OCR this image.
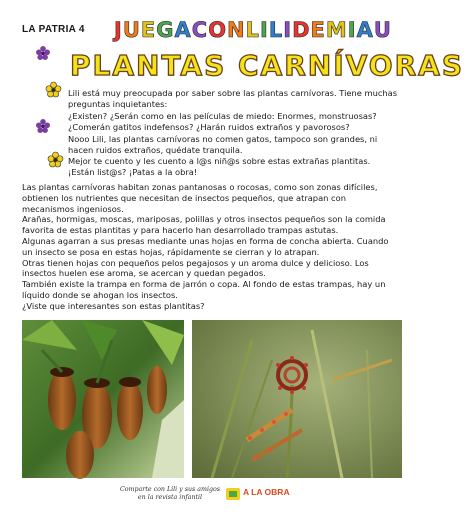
LA PATRIA 4 JUEGACONLILIDEMIAU
PLANTAS CARNÍVORAS
Lili está muy preocupada por saber sobre las plantas carnívoras. Tiene muchas preguntas inquietantes:
¿Existen? ¿Serán como en las películas de miedo: Enormes, monstruosas? ¿Comerán gatitos indefensos? ¿Harán ruidos extraños y pavorosos?
Nooo Lili, las plantas carnívoras no comen gatos, tampoco son grandes, ni hacen ruidos extraños, quédate tranquila.
Mejor te cuento y les cuento a l@s niñ@s sobre estas extrañas plantitas.
¡Están list@s? ¡Patas a la obra!

Las plantas carnívoras habitan zonas pantanosas o rocosas, como son zonas difíciles, obtienen los nutrientes que necesitan de insectos pequeños, que atrapan con mecanismos ingeniosos.

Arañas, hormigas, moscas, mariposas, polillas y otros insectos pequeños son la comida favorita de estas plantitas y para hacerlo han desarrollado trampas astutas.

Algunas agarran a sus presas mediante unas hojas en forma de concha abierta. Cuando un insecto se posa en estas hojas, rápidamente se cierran y lo atrapan.

Otras tienen hojas con pequeños pelos pegajosos y un aroma dulce y delicioso. Los insectos huelen ese aroma, se acercan y quedan pegados.

También existe la trampa en forma de jarrón o copa. Al fondo de estas trampas, hay un líquido donde se ahogan los insectos.

¿Viste que interesantes son estas plantitas?

Comparte con Lili y sus amigos en la revista infantil
A LA OBRA
